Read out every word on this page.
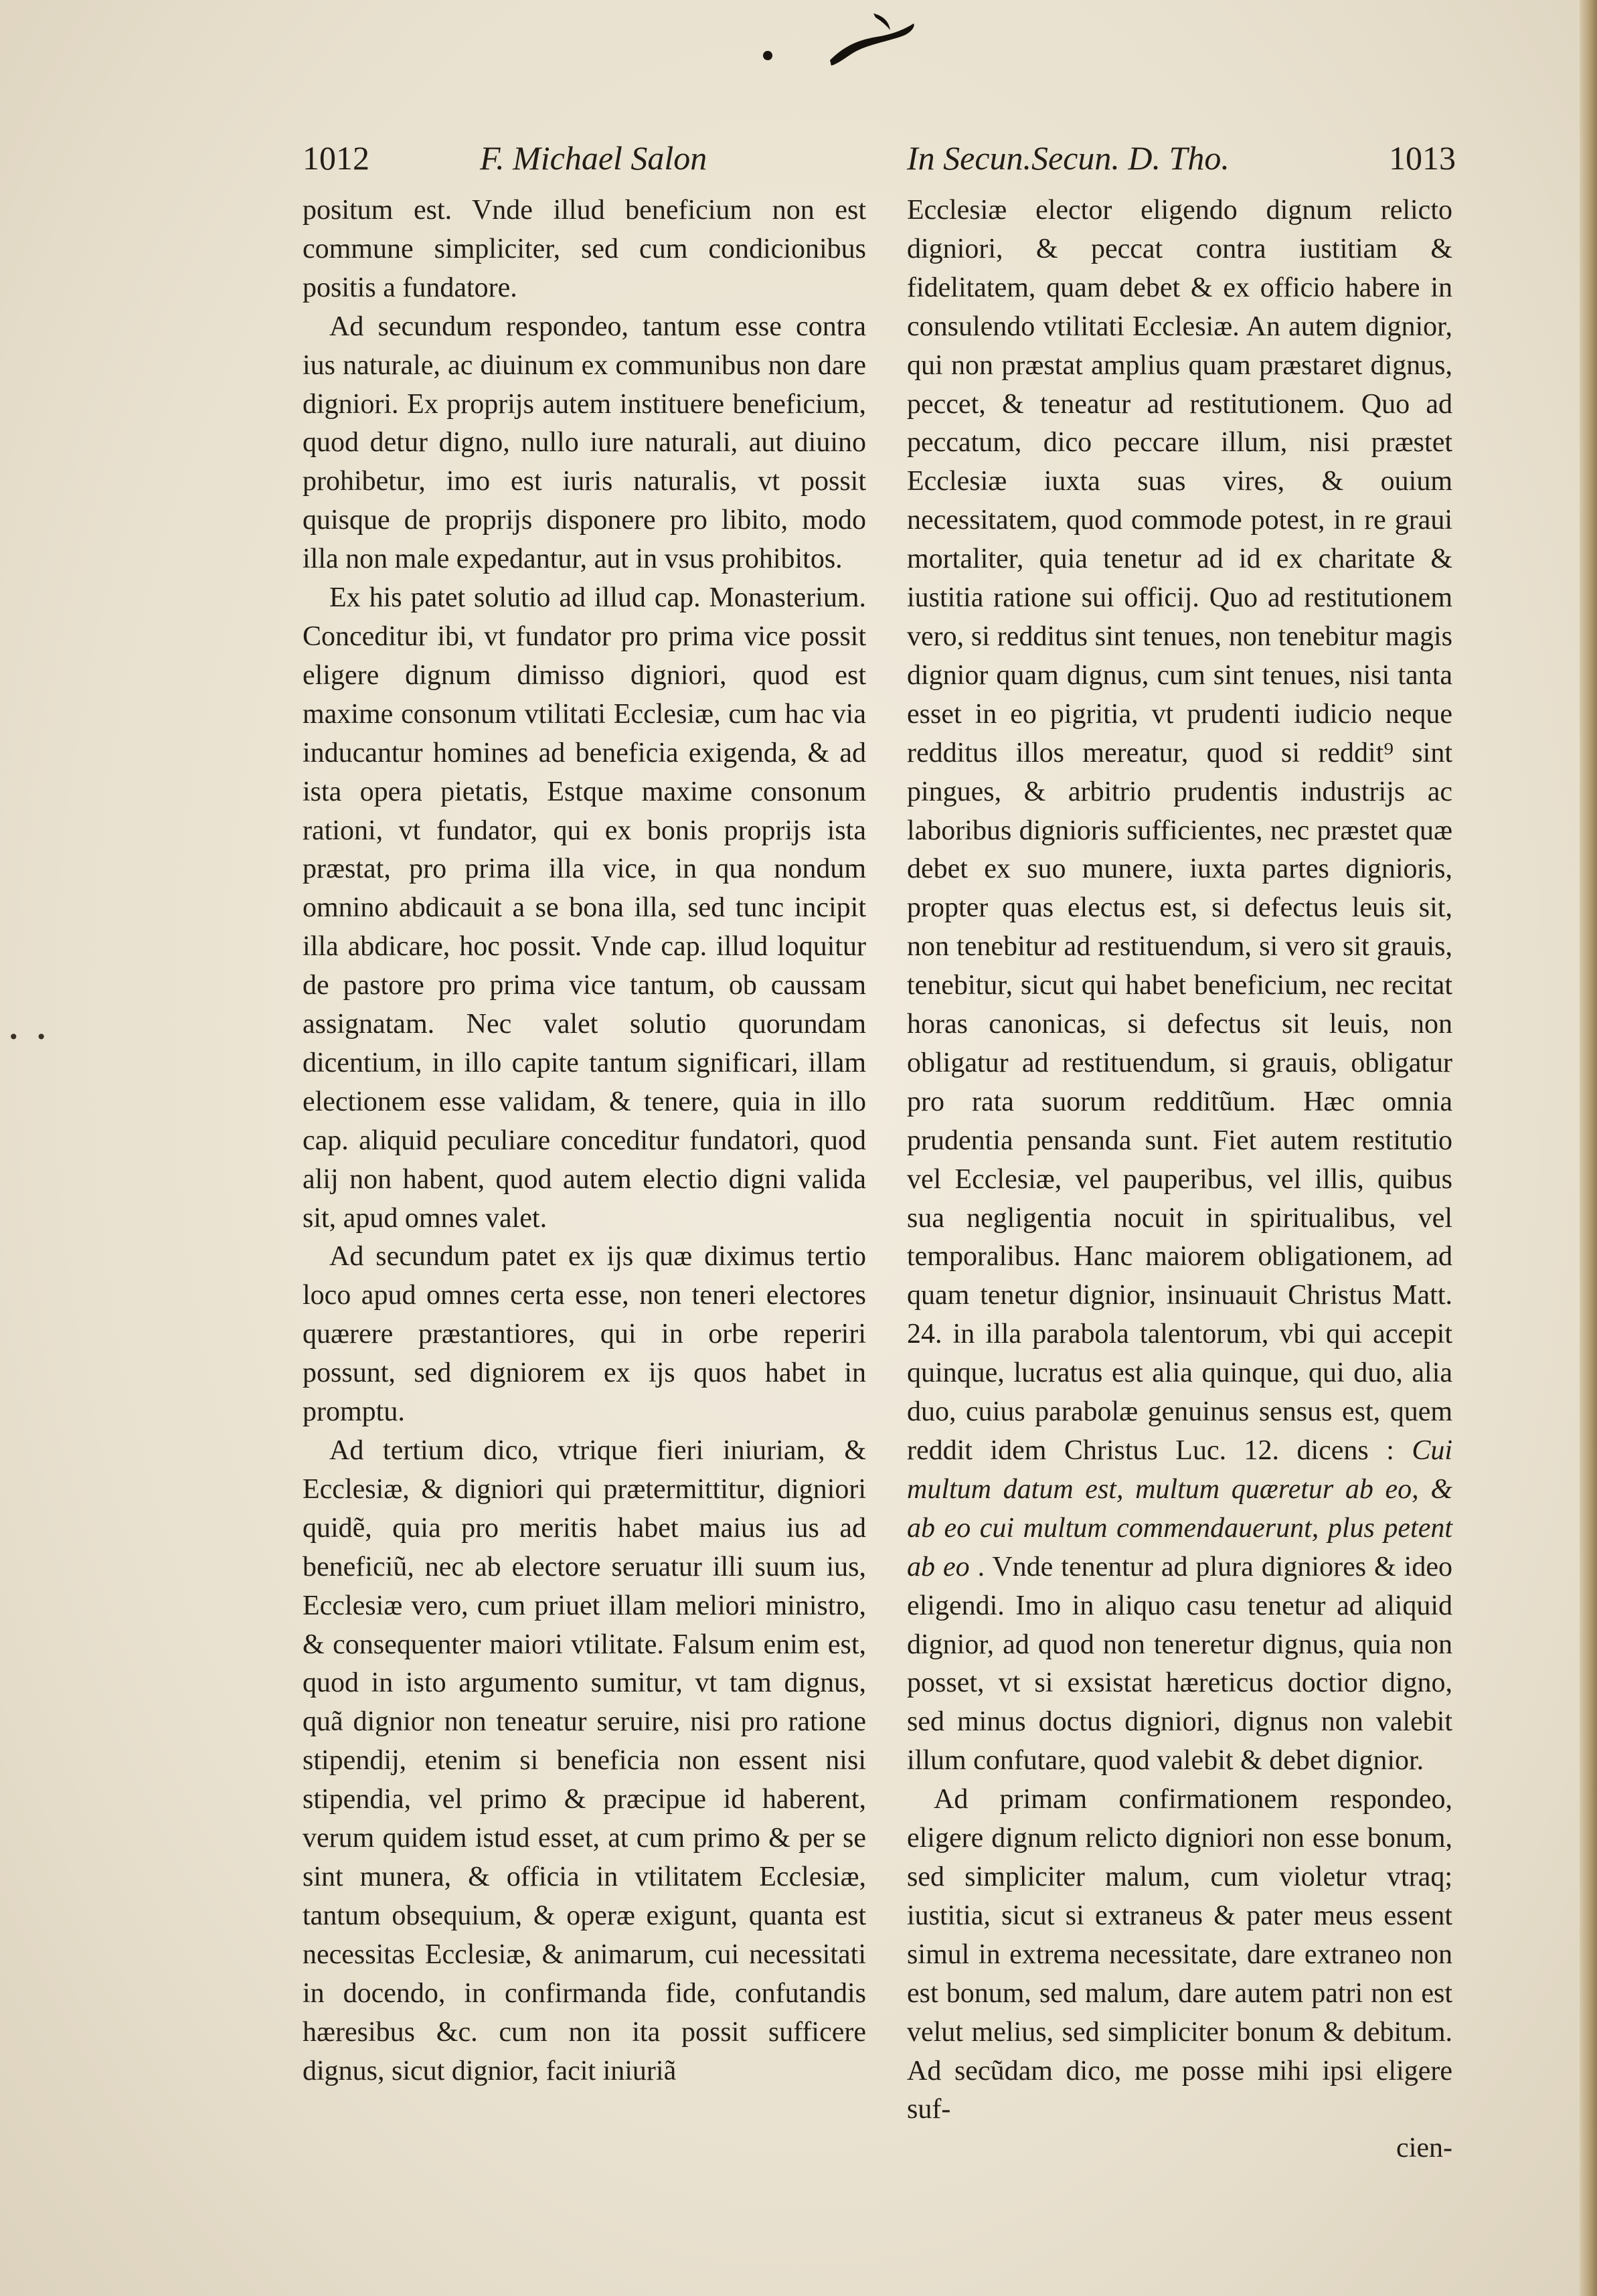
• •
1012	F. Michael Salon	In Secun.Secun. D. Tho.	1013

positum est. Vnde illud beneficium non est commune simpliciter, sed cum condicionibus positis a fundatore.

Ad secundum respondeo, tantum esse contra ius naturale, ac diuinum ex communibus non dare digniori. Ex proprijs autem instituere beneficium, quod detur digno, nullo iure naturali, aut diuino prohibetur, imo est iuris naturalis, vt possit quisque de proprijs disponere pro libito, modo illa non male expedantur, aut in vsus prohibitos.

Ex his patet solutio ad illud cap. Monasterium. Conceditur ibi, vt fundator pro prima vice possit eligere dignum dimisso digniori, quod est maxime consonum vtilitati Ecclesiæ, cum hac via inducantur homines ad beneficia exigenda, & ad ista opera pietatis, Estque maxime consonum rationi, vt fundator, qui ex bonis proprijs ista præstat, pro prima illa vice, in qua nondum omnino abdicauit a se bona illa, sed tunc incipit illa abdicare, hoc possit. Vnde cap. illud loquitur de pastore pro prima vice tantum, ob caussam assignatam. Nec valet solutio quorundam dicentium, in illo capite tantum significari, illam electionem esse validam, & tenere, quia in illo cap. aliquid peculiare conceditur fundatori, quod alij non habent, quod autem electio digni valida sit, apud omnes valet.

Ad secundum patet ex ijs quæ diximus tertio loco apud omnes certa esse, non teneri electores quærere præstantiores, qui in orbe reperiri possunt, sed digniorem ex ijs quos habet in promptu.

Ad tertium dico, vtrique fieri iniuriam, & Ecclesiæ, & digniori qui prætermittitur, digniori quidẽ, quia pro meritis habet maius ius ad beneficiũ, nec ab electore seruatur illi suum ius, Ecclesiæ vero, cum priuet illam meliori ministro, & consequenter maiori vtilitate. Falsum enim est, quod in isto argumento sumitur, vt tam dignus, quã dignior non teneatur seruire, nisi pro ratione stipendij, etenim si beneficia non essent nisi stipendia, vel primo & præcipue id haberent, verum quidem istud esset, at cum primo & per se sint munera, & officia in vtilitatem Ecclesiæ, tantum obsequium, & operæ exigunt, quanta est necessitas Ecclesiæ, & animarum, cui necessitati in docendo, in confirmanda fide, confutandis hæresibus &c. cum non ita possit sufficere dignus, sicut dignior, facit iniuriã

Ecclesiæ elector eligendo dignum relicto digniori, & peccat contra iustitiam & fidelitatem, quam debet & ex officio habere in consulendo vtilitati Ecclesiæ. An autem dignior, qui non præstat amplius quam præstaret dignus, peccet, & teneatur ad restitutionem. Quo ad peccatum, dico peccare illum, nisi præstet Ecclesiæ iuxta suas vires, & ouium necessitatem, quod commode potest, in re graui mortaliter, quia tenetur ad id ex charitate & iustitia ratione sui officij. Quo ad restitutionem vero, si redditus sint tenues, non tenebitur magis dignior quam dignus, cum sint tenues, nisi tanta esset in eo pigritia, vt prudenti iudicio neque redditus illos mereatur, quod si reddit⁹ sint pingues, & arbitrio prudentis industrijs ac laboribus dignioris sufficientes, nec præstet quæ debet ex suo munere, iuxta partes dignioris, propter quas electus est, si defectus leuis sit, non tenebitur ad restituendum, si vero sit grauis, tenebitur, sicut qui habet beneficium, nec recitat horas canonicas, si defectus sit leuis, non obligatur ad restituendum, si grauis, obligatur pro rata suorum redditũum. Hæc omnia prudentia pensanda sunt. Fiet autem restitutio vel Ecclesiæ, vel pauperibus, vel illis, quibus sua negligentia nocuit in spiritualibus, vel temporalibus. Hanc maiorem obligationem, ad quam tenetur dignior, insinuauit Christus Matt. 24. in illa parabola talentorum, vbi qui accepit quinque, lucratus est alia quinque, qui duo, alia duo, cuius parabolæ genuinus sensus est, quem reddit idem Christus Luc. 12. dicens : Cui multum datum est, multum quæretur ab eo, & ab eo cui multum commendauerunt, plus petent ab eo . Vnde tenentur ad plura digniores & ideo eligendi. Imo in aliquo casu tenetur ad aliquid dignior, ad quod non teneretur dignus, quia non posset, vt si exsistat hæreticus doctior digno, sed minus doctus digniori, dignus non valebit illum confutare, quod valebit & debet dignior.

Ad primam confirmationem respondeo, eligere dignum relicto digniori non esse bonum, sed simpliciter malum, cum violetur vtraq; iustitia, sicut si extraneus & pater meus essent simul in extrema necessitate, dare extraneo non est bonum, sed malum, dare autem patri non est velut melius, sed simpliciter bonum & debitum. Ad secũdam dico, me posse mihi ipsi eligere suf-

cien-
